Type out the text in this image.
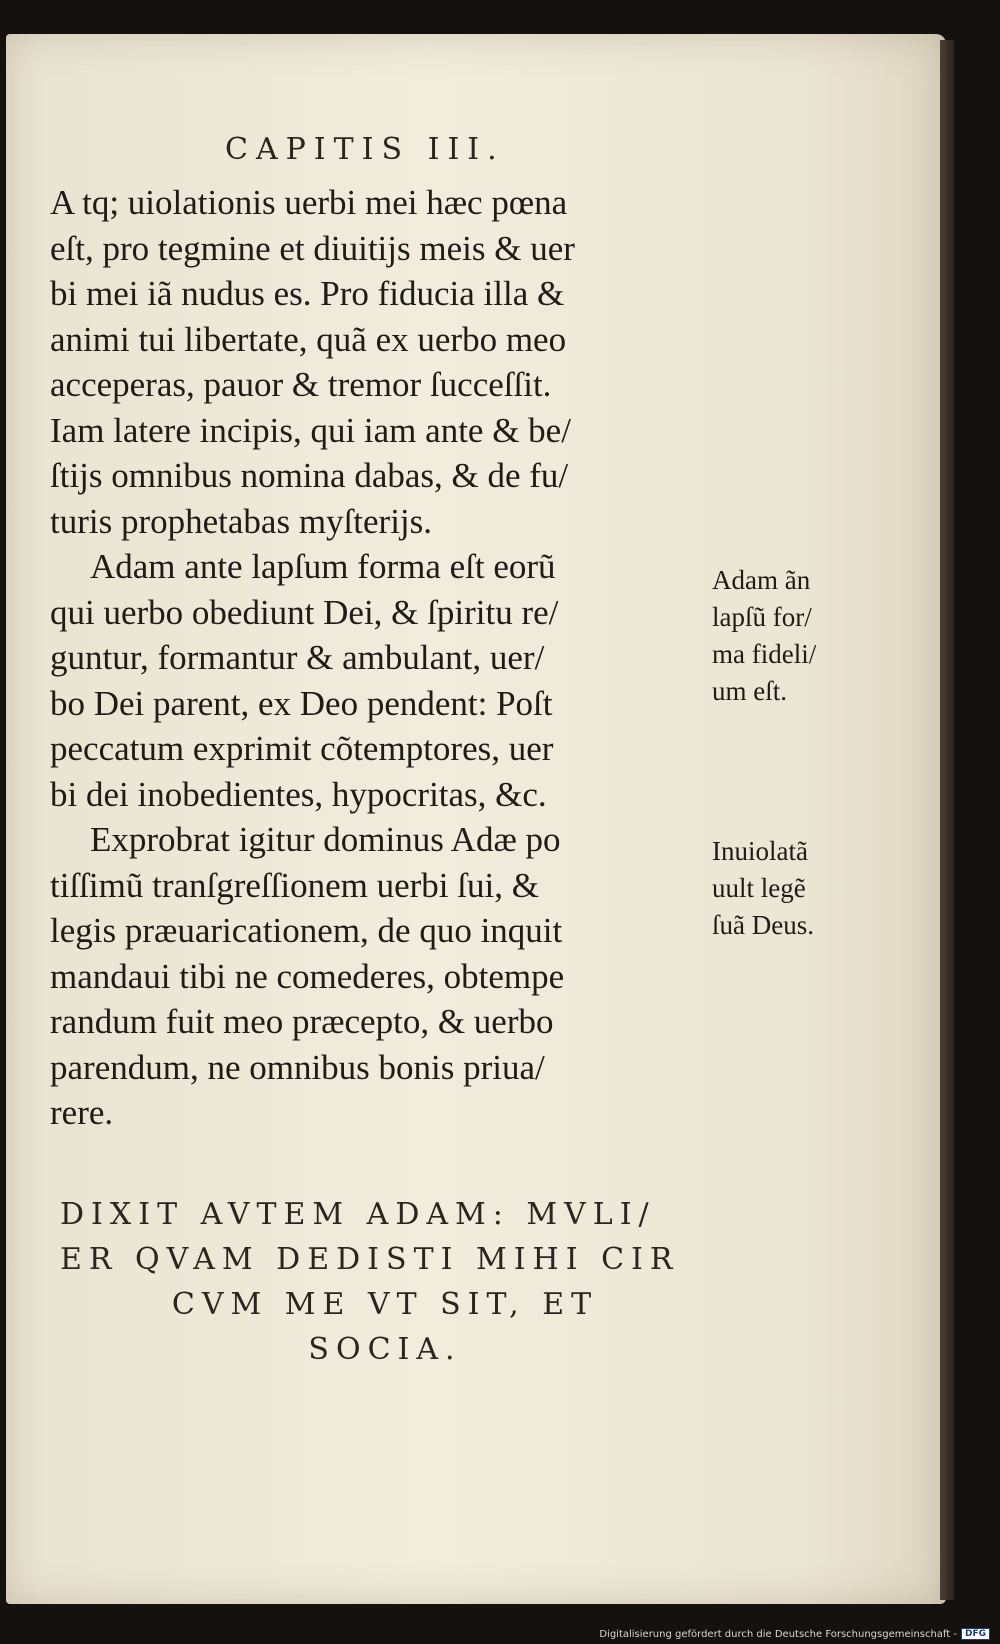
CAPITIS III.
A tq; uiolationis uerbi mei hæc pœna
eſt, pro tegmine et diuitijs meis & uer
bi mei iã nudus es. Pro fiducia illa &
animi tui libertate, quã ex uerbo meo
acceperas, pauor & tremor ſucceſſit.
Iam latere incipis, qui iam ante & be/
ſtijs omnibus nomina dabas, & de fu/
turis prophetabas myſterijs.
Adam ante lapſum forma eſt eorũ
qui uerbo obediunt Dei, & ſpiritu re/
guntur, formantur & ambulant, uer/
bo Dei parent, ex Deo pendent: Poſt
peccatum exprimit cõtemptores, uer
bi dei inobedientes, hypocritas, &c.
Exprobrat igitur dominus Adæ po
tiſſimũ tranſgreſſionem uerbi ſui, &
legis præuaricationem, de quo inquit
mandaui tibi ne comederes, obtempe
randum fuit meo præcepto, & uerbo
parendum, ne omnibus bonis priua/
rere.
Adam ãn
lapſũ for/
ma fideli/
um eſt.
Inuiolatã
uult legẽ
ſuã Deus.
DIXIT AVTEM ADAM: MVLI/
ER QVAM DEDISTI MIHI CIR
CVM ME VT SIT, ET
SOCIA.
Digitalisierung gefördert durch die Deutsche Forschungsgemeinschaft - DFG
